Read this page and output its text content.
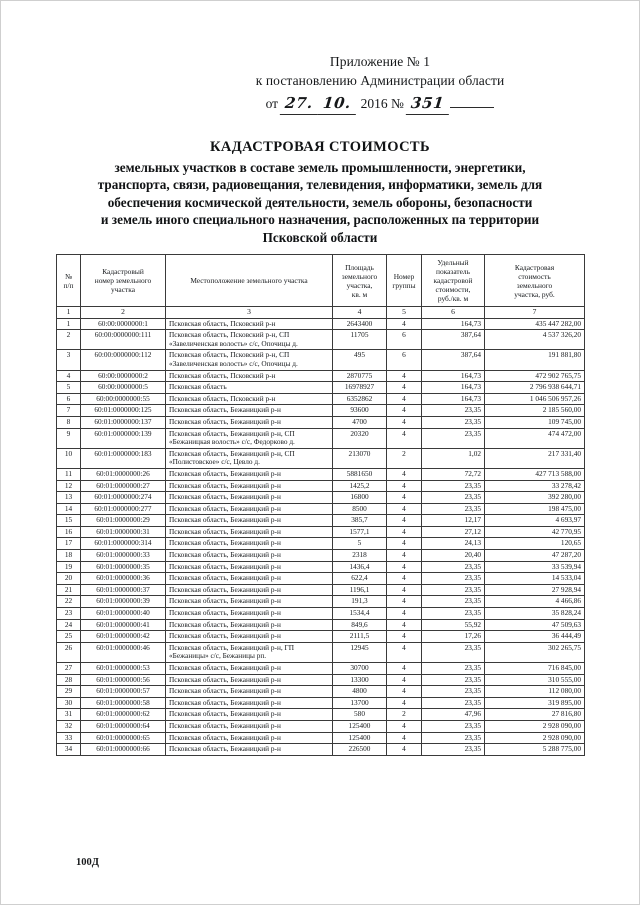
Приложение № 1
к постановлению Администрации области
от 27. 10. 2016 № 351
КАДАСТРОВАЯ СТОИМОСТЬ
земельных участков в составе земель промышленности, энергетики,
транспорта, связи, радиовещания, телевидения, информатики, земель для
обеспечения космической деятельности, земель обороны, безопасности
и земель иного специального назначения, расположенных па территории
Псковской области
№
п/п

Кадастровый
номер земельного
участка

Местоположение земельного участка

Площадь
земельного
участка,
кв. м

Номер
группы

Удельный
показатель
кадастровой
стоимости,
руб./кв. м

Кадастровая
стоимость
земельного
участка, руб.

1	2	3	4	5	6	7
1	60:00:0000000:1	Псковская область, Псковский р-н	2643400	4	164,73	435 447 282,00
2	60:00:0000000:111	Псковская область, Псковский р-н, СП «Завеличенская волость» с/с, Опочицы д.	11705	6	387,64	4 537 326,20
3	60:00:0000000:112	Псковская область, Псковский р-н, СП «Завеличенская волость» с/с, Опочицы д.	495	6	387,64	191 881,80
4	60:00:0000000:2	Псковская область, Псковский р-н	2870775	4	164,73	472 902 765,75
5	60:00:0000000:5	Псковская область	16978927	4	164,73	2 796 938 644,71
6	60:00:0000000:55	Псковская область, Псковский р-н	6352862	4	164,73	1 046 506 957,26
7	60:01:0000000:125	Псковская область, Бежаницкий р-н	93600	4	23,35	2 185 560,00
8	60:01:0000000:137	Псковская область, Бежаницкий р-н	4700	4	23,35	109 745,00
9	60:01:0000000:139	Псковская область, Бежаницкий р-н, СП «Бежаницкая волость» с/с, Федорково д.	20320	4	23,35	474 472,00
10	60:01:0000000:183	Псковская область, Бежаницкий р-н, СП «Полистовское» с/с, Цевло д.	213070	2	1,02	217 331,40
11	60:01:0000000:26	Псковская область, Бежаницкий р-н	5881650	4	72,72	427 713 588,00
12	60:01:0000000:27	Псковская область, Бежаницкий р-н	1425,2	4	23,35	33 278,42
13	60:01:0000000:274	Псковская область, Бежаницкий р-н	16800	4	23,35	392 280,00
14	60:01:0000000:277	Псковская область, Бежаницкий р-н	8500	4	23,35	198 475,00
15	60:01:0000000:29	Псковская область, Бежаницкий р-н	385,7	4	12,17	4 693,97
16	60:01:0000000:31	Псковская область, Бежаницкий р-н	1577,1	4	27,12	42 770,95
17	60:01:0000000:314	Псковская область, Бежаницкий р-н	5	4	24,13	120,65
18	60:01:0000000:33	Псковская область, Бежаницкий р-н	2318	4	20,40	47 287,20
19	60:01:0000000:35	Псковская область, Бежаницкий р-н	1436,4	4	23,35	33 539,94
20	60:01:0000000:36	Псковская область, Бежаницкий р-н	622,4	4	23,35	14 533,04
21	60:01:0000000:37	Псковская область, Бежаницкий р-н	1196,1	4	23,35	27 928,94
22	60:01:0000000:39	Псковская область, Бежаницкий р-н	191,3	4	23,35	4 466,86
23	60:01:0000000:40	Псковская область, Бежаницкий р-н	1534,4	4	23,35	35 828,24
24	60:01:0000000:41	Псковская область, Бежаницкий р-н	849,6	4	55,92	47 509,63
25	60:01:0000000:42	Псковская область, Бежаницкий р-н	2111,5	4	17,26	36 444,49
26	60:01:0000000:46	Псковская область, Бежаницкий р-н, ГП «Бежаницы» с/с, Бежаницы рп.	12945	4	23,35	302 265,75
27	60:01:0000000:53	Псковская область, Бежаницкий р-н	30700	4	23,35	716 845,00
28	60:01:0000000:56	Псковская область, Бежаницкий р-н	13300	4	23,35	310 555,00
29	60:01:0000000:57	Псковская область, Бежаницкий р-н	4800	4	23,35	112 080,00
30	60:01:0000000:58	Псковская область, Бежаницкий р-н	13700	4	23,35	319 895,00
31	60:01:0000000:62	Псковская область, Бежаницкий р-н	580	2	47,96	27 816,80
32	60:01:0000000:64	Псковская область, Бежаницкий р-н	125400	4	23,35	2 928 090,00
33	60:01:0000000:65	Псковская область, Бежаницкий р-н	125400	4	23,35	2 928 090,00
34	60:01:0000000:66	Псковская область, Бежаницкий р-н	226500	4	23,35	5 288 775,00
100Д
